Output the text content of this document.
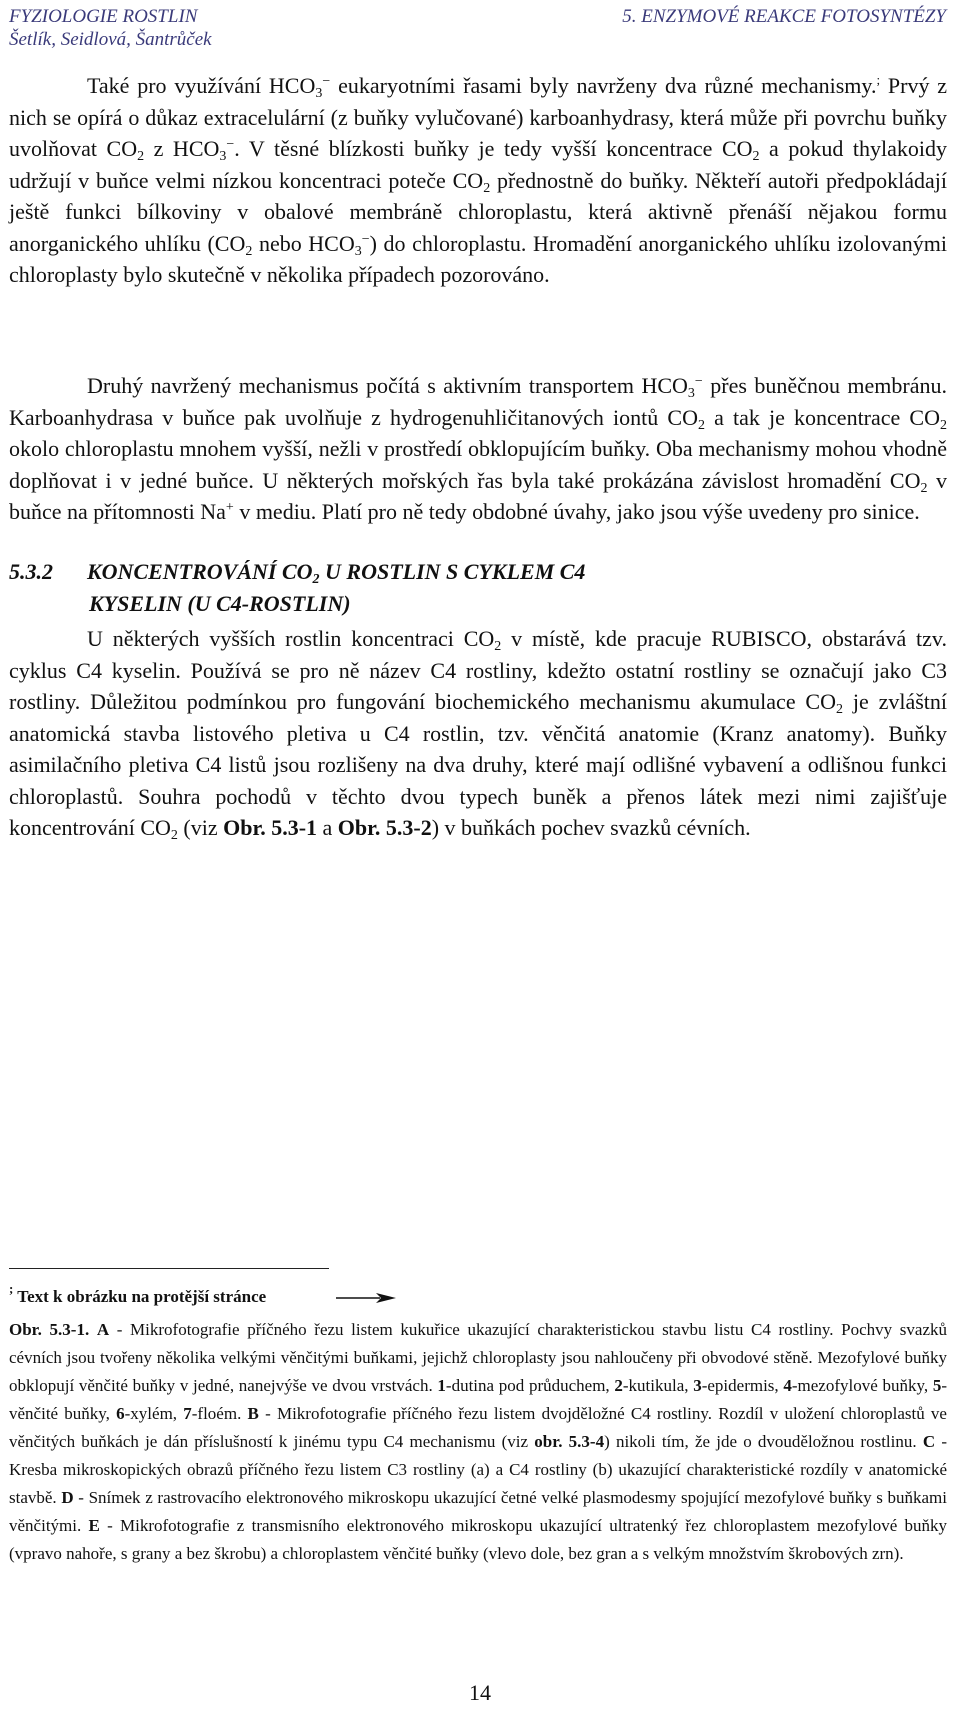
FYZIOLOGIE ROSTLIN
Šetlík, Seidlová, Šantrůček
5. ENZYMOVÉ REAKCE FOTOSYNTÉZY

Také pro využívání $HCO_3^-$ eukaryotními řasami byly navrženy dva různé mechanismy.; Prvý z nich se opírá o důkaz extracelulární (z buňky vylučované) karboanhydrasy, která může při povrchu buňky uvolňovat $CO_2$ z $HCO_3^-$. V těsné blízkosti buňky je tedy vyšší koncentrace $CO_2$ a pokud thylakoidy udržují v buňce velmi nízkou koncentraci poteče $CO_2$ přednostně do buňky. Někteří autoři předpokládají ještě funkci bílkoviny v obalové membráně chloroplastu, která aktivně přenáší nějakou formu anorganického uhlíku ($CO_2$ nebo $HCO_3^-$) do chloroplastu. Hromadění anorganického uhlíku izolovanými chloroplasty bylo skutečně v několika případech pozorováno.

Druhý navržený mechanismus počítá s aktivním transportem $HCO_3^-$ přes buněčnou membránu. Karboanhydrasa v buňce pak uvolňuje z hydrogenuhličitanových iontů $CO_2$ a tak je koncentrace $CO_2$ okolo chloroplastu mnohem vyšší, nežli v prostředí obklopujícím buňky. Oba mechanismy mohou vhodně doplňovat i v jedné buňce. U některých mořských řas byla také prokázána závislost hromadění $CO_2$ v buňce na přítomnosti Na+ v mediu. Platí pro ně tedy obdobné úvahy, jako jsou výše uvedeny pro sinice.

5.3.2 KONCENTROVÁNÍ $CO_2$ U ROSTLIN S CYKLEM C4
KYSELIN (U C4-ROSTLIN)

U některých vyšších rostlin koncentraci $CO_2$ v místě, kde pracuje RUBISCO, obstarává tzv. cyklus C4 kyselin. Používá se pro ně název C4 rostliny, kdežto ostatní rostliny se označují jako C3 rostliny. Důležitou podmínkou pro fungování biochemického mechanismu akumulace $CO_2$ je zvláštní anatomická stavba listového pletiva u C4 rostlin, tzv. věnčitá anatomie (Kranz anatomy). Buňky asimilačního pletiva C4 listů jsou rozlišeny na dva druhy, které mají odlišné vybavení a odlišnou funkci chloroplastů. Souhra pochodů v těchto dvou typech buněk a přenos látek mezi nimi zajišťuje koncentrování $CO_2$ (viz Obr. 5.3-1 a Obr. 5.3-2) v buňkách pochev svazků cévních.

; Text k obrázku na protější stránce
Obr. 5.3-1. A - Mikrofotografie příčného řezu listem kukuřice ukazující charakteristickou stavbu listu C4 rostliny. Pochvy svazků cévních jsou tvořeny několika velkými věnčitými buňkami, jejichž chloroplasty jsou nahloučeny při obvodové stěně. Mezofylové buňky obklopují věnčité buňky v jedné, nanejvýše ve dvou vrstvách. 1-dutina pod průduchem, 2-kutikula, 3-epidermis, 4-mezofylové buňky, 5-věnčité buňky, 6-xylém, 7-floém. B - Mikrofotografie příčného řezu listem dvojděložné C4 rostliny. Rozdíl v uložení chloroplastů ve věnčitých buňkách je dán příslušností k jinému typu C4 mechanismu (viz obr. 5.3-4) nikoli tím, že jde o dvouděložnou rostlinu. C - Kresba mikroskopických obrazů příčného řezu listem C3 rostliny (a) a C4 rostliny (b) ukazující charakteristické rozdíly v anatomické stavbě. D - Snímek z rastrovacího elektronového mikroskopu ukazující četné velké plasmodesmy spojující mezofylové buňky s buňkami věnčitými. E - Mikrofotografie z transmisního elektronového mikroskopu ukazující ultratenký řez chloroplastem mezofylové buňky (vpravo nahoře, s grany a bez škrobu) a chloroplastem věnčité buňky (vlevo dole, bez gran a s velkým množstvím škrobových zrn).
14
